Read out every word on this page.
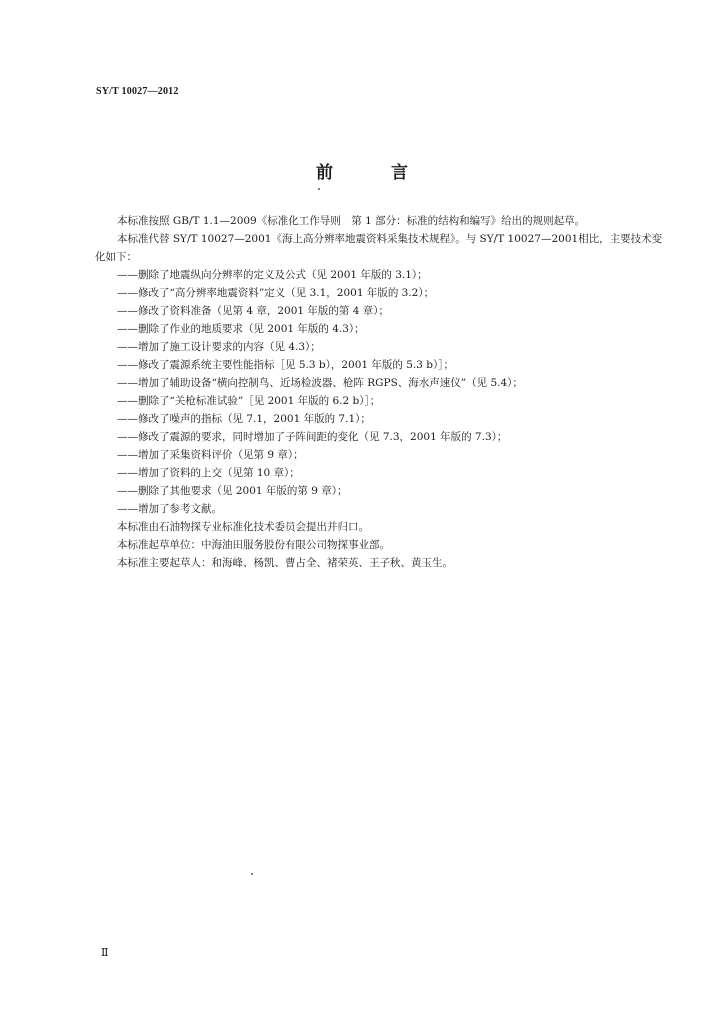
SY/T 10027—2012
前 言

本标准按照 GB/T 1.1—2009《标准化工作导则　第 1 部分：标准的结构和编写》给出的规则起草。

本标准代替 SY/T 10027—2001《海上高分辨率地震资料采集技术规程》。与 SY/T 10027—2001相比，主要技术变化如下：

——删除了地震纵向分辨率的定义及公式（见 2001 年版的 3.1）；

——修改了“高分辨率地震资料”定义（见 3.1，2001 年版的 3.2）；

——修改了资料准备（见第 4 章，2001 年版的第 4 章）；

——删除了作业的地质要求（见 2001 年版的 4.3）；

——增加了施工设计要求的内容（见 4.3）；

——修改了震源系统主要性能指标［见 5.3 b），2001 年版的 5.3 b）］；

——增加了辅助设备“横向控制鸟、近场检波器、枪阵 RGPS、海水声速仪”（见 5.4）；

——删除了“关枪标准试验”［见 2001 年版的 6.2 b）］；

——修改了噪声的指标（见 7.1，2001 年版的 7.1）；

——修改了震源的要求，同时增加了子阵间距的变化（见 7.3，2001 年版的 7.3）；

——增加了采集资料评价（见第 9 章）；

——增加了资料的上交（见第 10 章）；

——删除了其他要求（见 2001 年版的第 9 章）；

——增加了参考文献。

本标准由石油物探专业标准化技术委员会提出并归口。

本标准起草单位：中海油田服务股份有限公司物探事业部。

本标准主要起草人：和海峰、杨凯、曹占全、褚荣英、王子秋、黄玉生。

Ⅱ
